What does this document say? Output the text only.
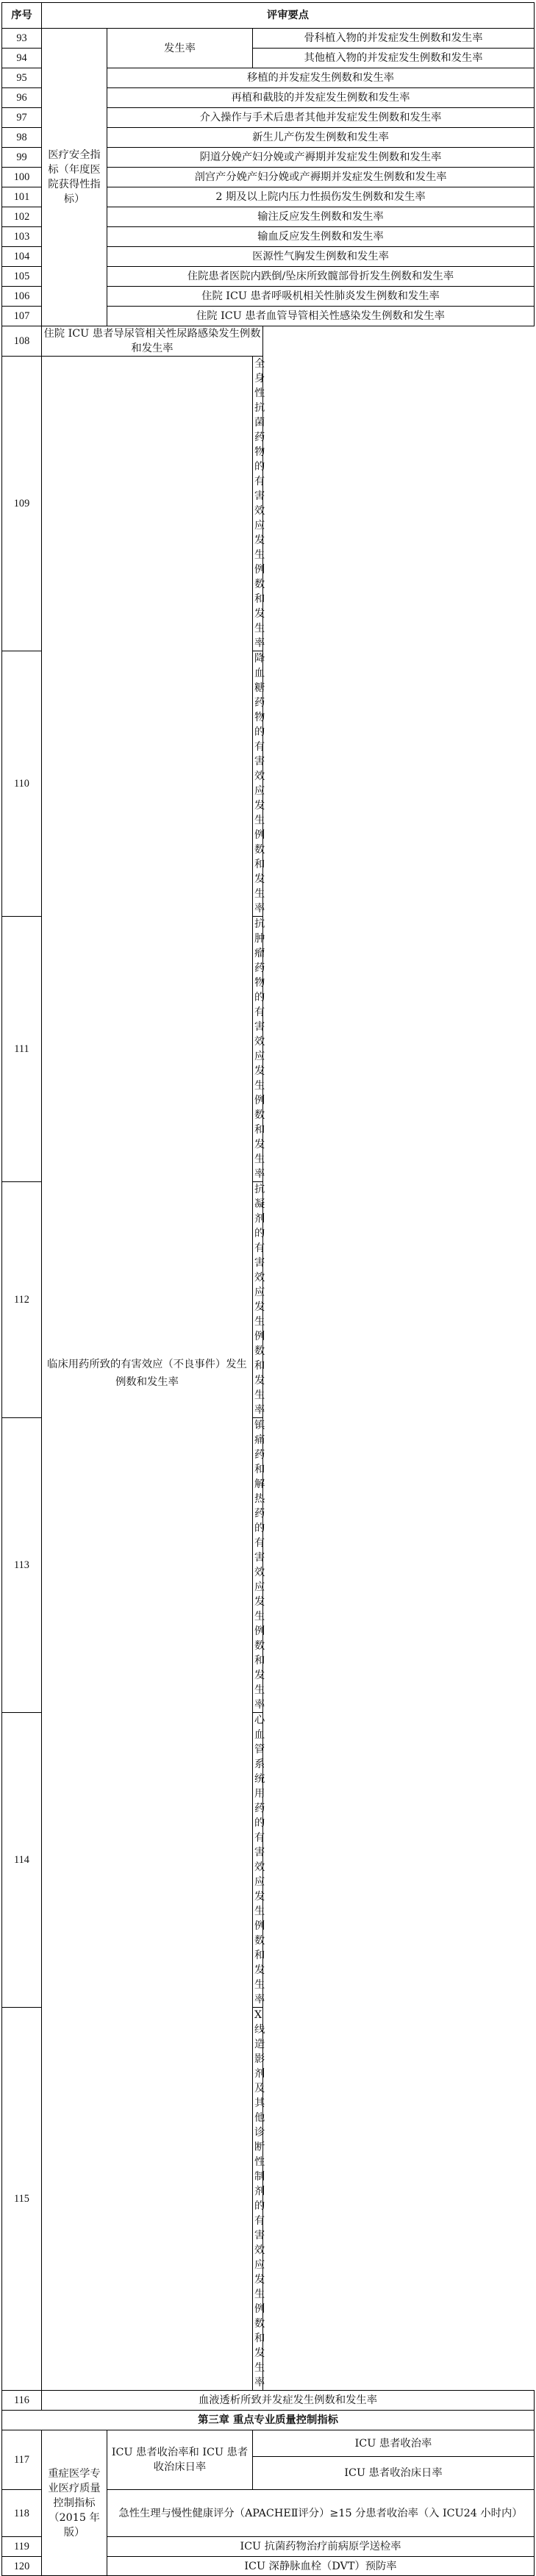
序号	评审要点		
93	医疗安全指标（年度医院获得性指标）	发生率	骨科植入物的并发症发生例数和发生率
94			其他植入物的并发症发生例数和发生率
95		移植的并发症发生例数和发生率	
96		再植和截肢的并发症发生例数和发生率	
97		介入操作与手术后患者其他并发症发生例数和发生率	
98		新生儿产伤发生例数和发生率	
99		阴道分娩产妇分娩或产褥期并发症发生例数和发生率	
100		剖宫产分娩产妇分娩或产褥期并发症发生例数和发生率	
101		2 期及以上院内压力性损伤发生例数和发生率	
102		输注反应发生例数和发生率	
103		输血反应发生例数和发生率	
104		医源性气胸发生例数和发生率	
105		住院患者医院内跌倒/坠床所致髋部骨折发生例数和发生率	
106		住院 ICU 患者呼吸机相关性肺炎发生例数和发生率	
107		住院 ICU 患者血管导管相关性感染发生例数和发生率	
108	住院 ICU 患者导尿管相关性尿路感染发生例数和发生率		
109	临床用药所致的有害效应（不良事件）发生例数和发生率		全身性抗菌药物的有害效应发生例数和发生率
110			降血糖药物的有害效应发生例数和发生率
111			抗肿瘤药物的有害效应发生例数和发生率
112			抗凝剂的有害效应发生例数和发生率
113			镇痛药和解热药的有害效应发生例数和发生率
114			心血管系统用药的有害效应发生例数和发生率
115			X 线造影剂及其他诊断性制剂的有害效应发生例数和发生率
116	血液透析所致并发症发生例数和发生率		
第三章 重点专业质量控制指标			
117	重症医学专业医疗质量控制指标（2015 年版）	ICU 患者收治率和 ICU 患者收治床日率	ICU 患者收治率
			ICU 患者收治床日率
118		急性生理与慢性健康评分（APACHEⅡ评分）≥15 分患者收治率（入 ICU24 小时内）	
119		ICU 抗菌药物治疗前病原学送检率	
120		ICU 深静脉血栓（DVT）预防率	
